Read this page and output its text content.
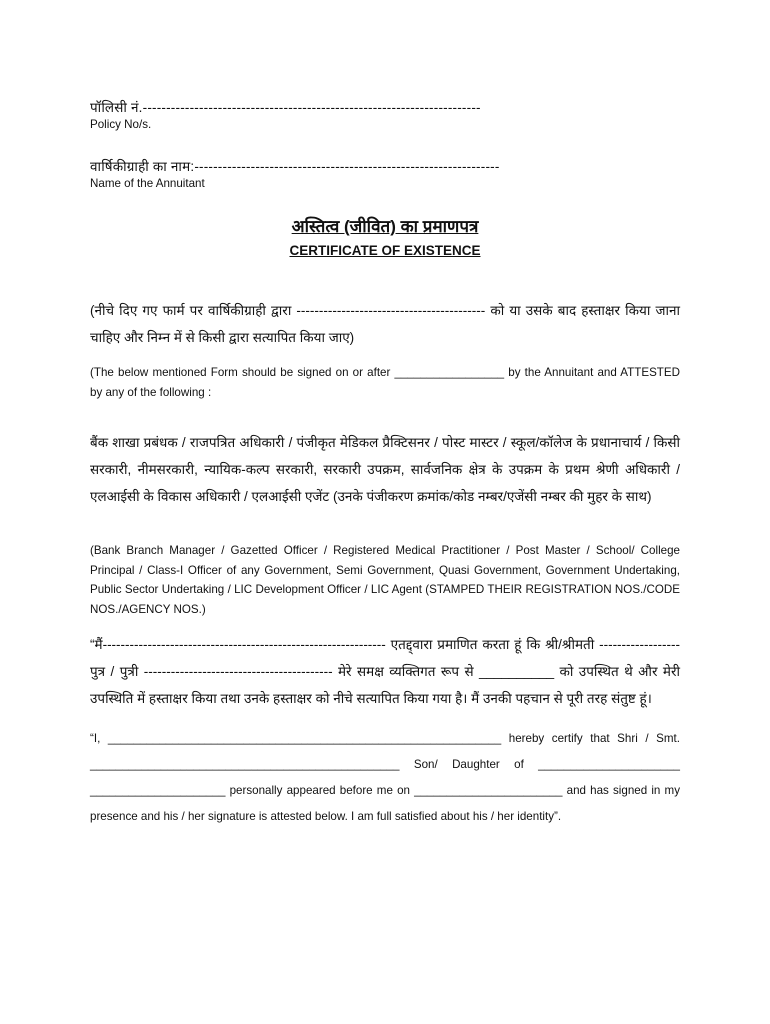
पॉलिसी नं.------------------------------------------------------------------------
Policy No/s.
वार्षिकीग्राही का नाम:-----------------------------------------------------------------
Name of the Annuitant
अस्तित्व (जीवित) का प्रमाणपत्र
CERTIFICATE OF EXISTENCE
(नीचे दिए गए फार्म पर वार्षिकीग्राही द्वारा ------------------------------------------ को या उसके बाद हस्ताक्षर किया जाना चाहिए और निम्न में से किसी द्वारा सत्यापित किया जाए)
(The below mentioned Form should be signed on or after _________________ by the Annuitant and ATTESTED by any of the following :
बैंक शाखा प्रबंधक / राजपत्रित अधिकारी / पंजीकृत मेडिकल प्रैक्टिसनर / पोस्ट मास्टर / स्कूल/कॉलेज के प्रधानाचार्य / किसी सरकारी, नीमसरकारी, न्यायिक-कल्प सरकारी, सरकारी उपक्रम, सार्वजनिक क्षेत्र के उपक्रम के प्रथम श्रेणी अधिकारी / एलआईसी के विकास अधिकारी / एलआईसी एजेंट (उनके पंजीकरण क्रमांक/कोड नम्बर/एजेंसी नम्बर की मुहर के साथ)
(Bank Branch Manager / Gazetted Officer / Registered Medical Practitioner / Post Master / School/ College Principal / Class-I Officer of any Government, Semi Government, Quasi Government, Government Undertaking, Public Sector Undertaking / LIC Development Officer / LIC Agent (STAMPED THEIR REGISTRATION NOS./CODE NOS./AGENCY NOS.)
“मैं--------------------------------------------------------------- एतद्द्वारा प्रमाणित करता हूं कि श्री/श्रीमती ------------------ पुत्र / पुत्री ------------------------------------------ मेरे समक्ष व्यक्तिगत रूप से __________ को उपस्थित थे और मेरी उपस्थिति में हस्ताक्षर किया तथा उनके हस्ताक्षर को नीचे सत्यापित किया गया है। मैं उनकी पहचान से पूरी तरह संतुष्ट हूं।
“I, _____________________________________________________________ hereby certify that Shri / Smt. ________________________________________________ Son/ Daughter of ______________________ _____________________ personally appeared before me on _______________________ and has signed in my presence and his / her signature is attested below. I am full satisfied about his / her identity”.
